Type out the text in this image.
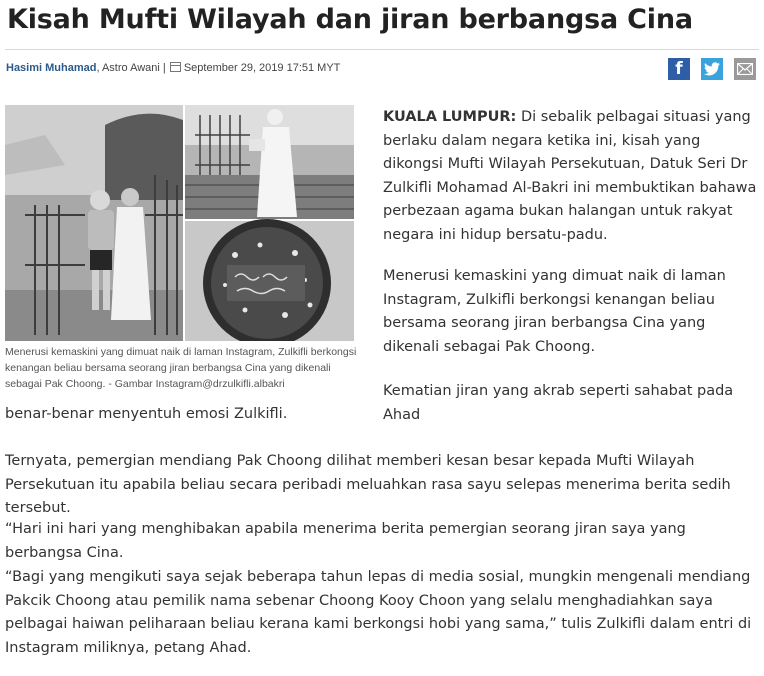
Kisah Mufti Wilayah dan jiran berbangsa Cina
Hasimi Muhamad, Astro Awani | September 29, 2019 17:51 MYT	f
Menerusi kemaskini yang dimuat naik di laman Instagram, Zulkifli berkongsi kenangan beliau bersama seorang jiran berbangsa Cina yang dikenali sebagai Pak Choong. - Gambar Instagram@drzulkifli.albakri

KUALA LUMPUR: Di sebalik pelbagai situasi yang berlaku dalam negara ketika ini, kisah yang dikongsi Mufti Wilayah Persekutuan, Datuk Seri Dr Zulkifli Mohamad Al-Bakri ini membuktikan bahawa perbezaan agama bukan halangan untuk rakyat negara ini hidup bersatu-padu.

Menerusi kemaskini yang dimuat naik di laman Instagram, Zulkifli berkongsi kenangan beliau bersama seorang jiran berbangsa Cina yang dikenali sebagai Pak Choong.

Kematian jiran yang akrab seperti sahabat pada Ahad

benar-benar menyentuh emosi Zulkifli.

Ternyata, pemergian mendiang Pak Choong dilihat memberi kesan besar kepada Mufti Wilayah Persekutuan itu apabila beliau secara peribadi meluahkan rasa sayu selepas menerima berita sedih tersebut.

“Hari ini hari yang menghibakan apabila menerima berita pemergian seorang jiran saya yang berbangsa Cina.

“Bagi yang mengikuti saya sejak beberapa tahun lepas di media sosial, mungkin mengenali mendiang Pakcik Choong atau pemilik nama sebenar Choong Kooy Choon yang selalu menghadiahkan saya pelbagai haiwan peliharaan beliau kerana kami berkongsi hobi yang sama,” tulis Zulkifli dalam entri di Instagram miliknya, petang Ahad.
